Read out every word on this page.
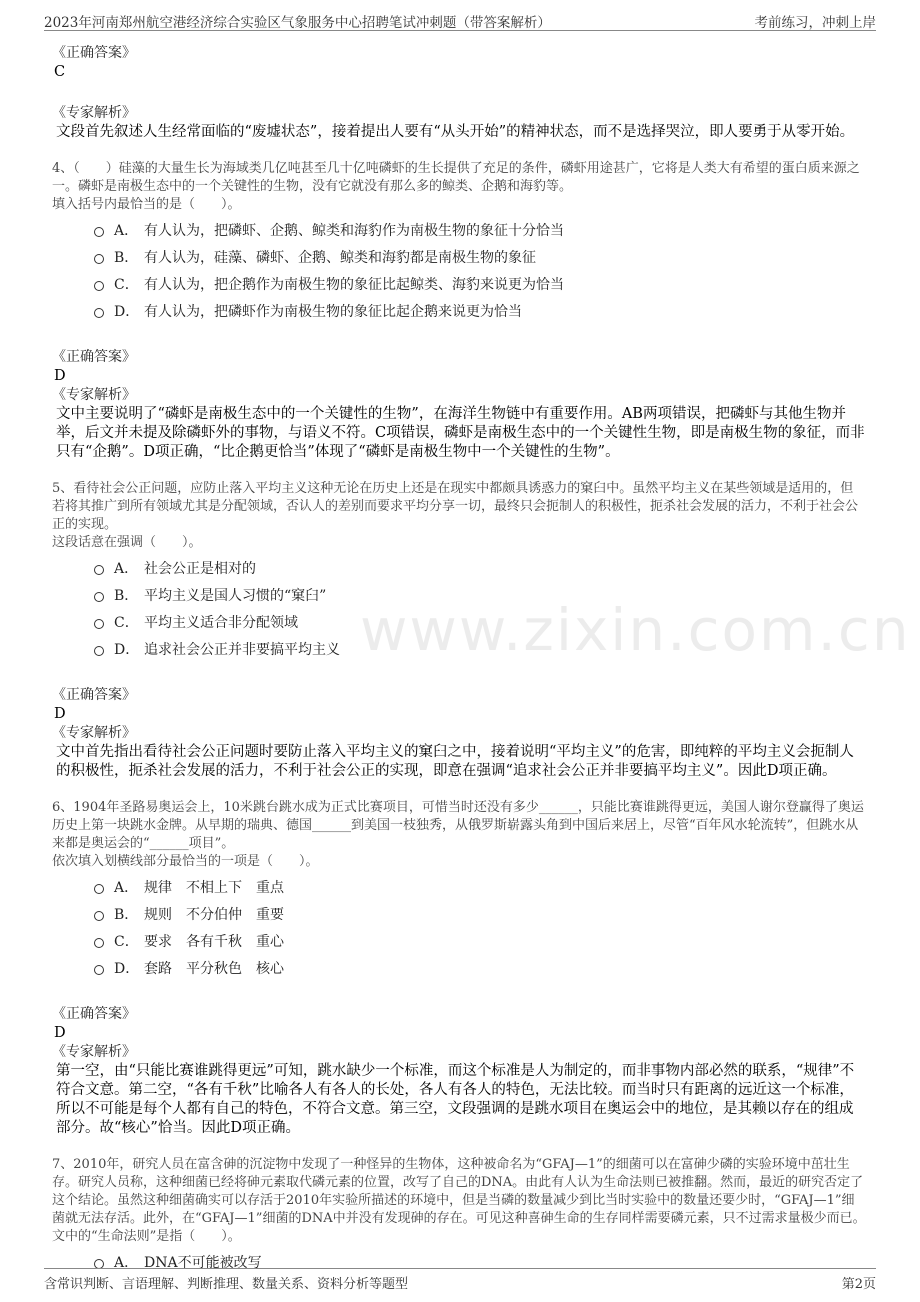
2023年河南郑州航空港经济综合实验区气象服务中心招聘笔试冲刺题（带答案解析）	考前练习，冲刺上岸
www.zixin.com.cn
《正确答案》
C
《专家解析》
文段首先叙述人生经常面临的“废墟状态”，接着提出人要有“从头开始”的精神状态，而不是选择哭泣，即人要勇于从零开始。
4、（　　）硅藻的大量生长为海域类几亿吨甚至几十亿吨磷虾的生长提供了充足的条件，磷虾用途甚广，它将是人类大有希望的蛋白质来源之一。磷虾是南极生态中的一个关键性的生物，没有它就没有那么多的鲸类、企鹅和海豹等。
填入括号内最恰当的是（　　）。
A． 有人认为，把磷虾、企鹅、鲸类和海豹作为南极生物的象征十分恰当
B． 有人认为，硅藻、磷虾、企鹅、鲸类和海豹都是南极生物的象征
C． 有人认为，把企鹅作为南极生物的象征比起鲸类、海豹来说更为恰当
D． 有人认为，把磷虾作为南极生物的象征比起企鹅来说更为恰当
《正确答案》
D
《专家解析》
文中主要说明了“磷虾是南极生态中的一个关键性的生物”，在海洋生物链中有重要作用。AB两项错误，把磷虾与其他生物并举，后文并未提及除磷虾外的事物，与语义不符。C项错误，磷虾是南极生态中的一个关键性生物，即是南极生物的象征，而非只有“企鹅”。D项正确，“比企鹅更恰当”体现了“磷虾是南极生物中一个关键性的生物”。
5、看待社会公正问题，应防止落入平均主义这种无论在历史上还是在现实中都颇具诱惑力的窠臼中。虽然平均主义在某些领域是适用的，但若将其推广到所有领域尤其是分配领域，否认人的差别而要求平均分享一切，最终只会扼制人的积极性，扼杀社会发展的活力，不利于社会公正的实现。
这段话意在强调（　　）。
A． 社会公正是相对的
B． 平均主义是国人习惯的“窠臼”
C． 平均主义适合非分配领域
D． 追求社会公正并非要搞平均主义
《正确答案》
D
《专家解析》
文中首先指出看待社会公正问题时要防止落入平均主义的窠臼之中，接着说明“平均主义”的危害，即纯粹的平均主义会扼制人的积极性，扼杀社会发展的活力，不利于社会公正的实现，即意在强调“追求社会公正并非要搞平均主义”。因此D项正确。
6、1904年圣路易奥运会上，10米跳台跳水成为正式比赛项目，可惜当时还没有多少______，只能比赛谁跳得更远，美国人谢尔登赢得了奥运历史上第一块跳水金牌。从早期的瑞典、德国______到美国一枝独秀，从俄罗斯崭露头角到中国后来居上，尽管“百年风水轮流转”，但跳水从来都是奥运会的“______项目”。
依次填入划横线部分最恰当的一项是（　　）。
A． 规律　不相上下　重点
B． 规则　不分伯仲　重要
C． 要求　各有千秋　重心
D． 套路　平分秋色　核心
《正确答案》
D
《专家解析》
第一空，由“只能比赛谁跳得更远”可知，跳水缺少一个标准，而这个标准是人为制定的，而非事物内部必然的联系，“规律”不符合文意。第二空，“各有千秋”比喻各人有各人的长处，各人有各人的特色，无法比较。而当时只有距离的远近这一个标准，所以不可能是每个人都有自己的特色，不符合文意。第三空，文段强调的是跳水项目在奥运会中的地位，是其赖以存在的组成部分。故“核心”恰当。因此D项正确。
7、2010年，研究人员在富含砷的沉淀物中发现了一种怪异的生物体，这种被命名为“GFAJ—1”的细菌可以在富砷少磷的实验环境中茁壮生存。研究人员称，这种细菌已经将砷元素取代磷元素的位置，改写了自己的DNA。由此有人认为生命法则已被推翻。然而，最近的研究否定了这个结论。虽然这种细菌确实可以存活于2010年实验所描述的环境中，但是当磷的数量减少到比当时实验中的数量还要少时，“GFAJ—1”细菌就无法存活。此外，在“GFAJ—1”细菌的DNA中并没有发现砷的存在。可见这种喜砷生命的生存同样需要磷元素，只不过需求量极少而已。
文中的“生命法则”是指（　　）。
A． DNA不可能被改写
含常识判断、言语理解、判断推理、数量关系、资料分析等题型	第2页
